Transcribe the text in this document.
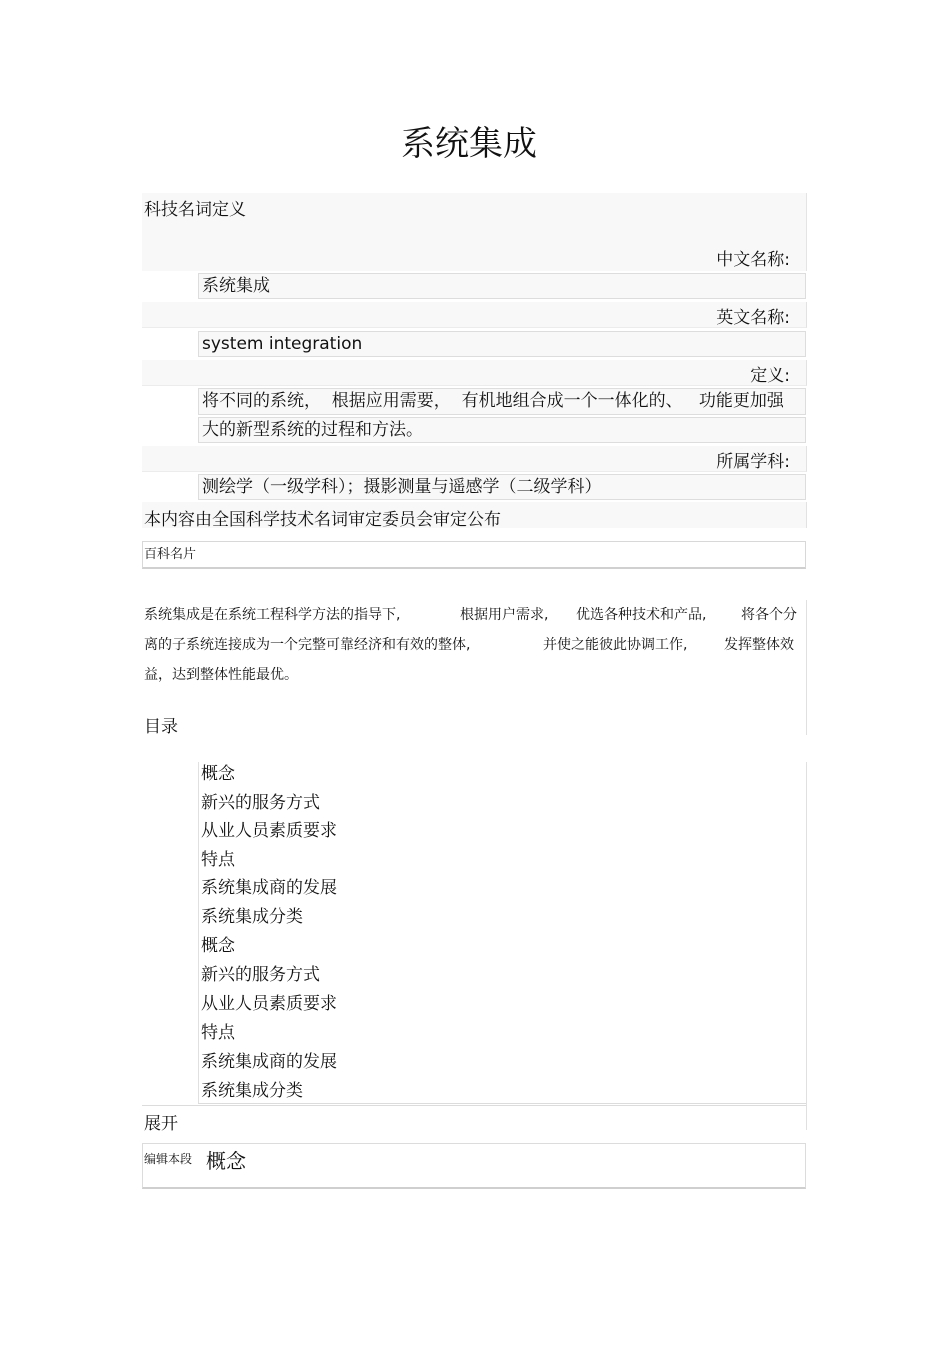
系统集成
科技名词定义
中文名称:
系统集成
英文名称:
system integration
定义:
将不同的系统，  根据应用需要，  有机地组合成一个一体化的、   功能更加强
大的新型系统的过程和方法。
所属学科:
测绘学（一级学科）；摄影测量与遥感学（二级学科）
本内容由全国科学技术名词审定委员会审定公布
百科名片
系统集成是在系统工程科学方法的指导下,	根据用户需求, 优选各种技术和产品, 将各个分
离的子系统连接成为一个完整可靠经济和有效的整体,	并使之能彼此协调工作,	发挥整体效
益，达到整体性能最优。
目录
概念
新兴的服务方式
从业人员素质要求
特点
系统集成商的发展
系统集成分类
概念
新兴的服务方式
从业人员素质要求
特点
系统集成商的发展
系统集成分类
展开
编辑本段 概念
